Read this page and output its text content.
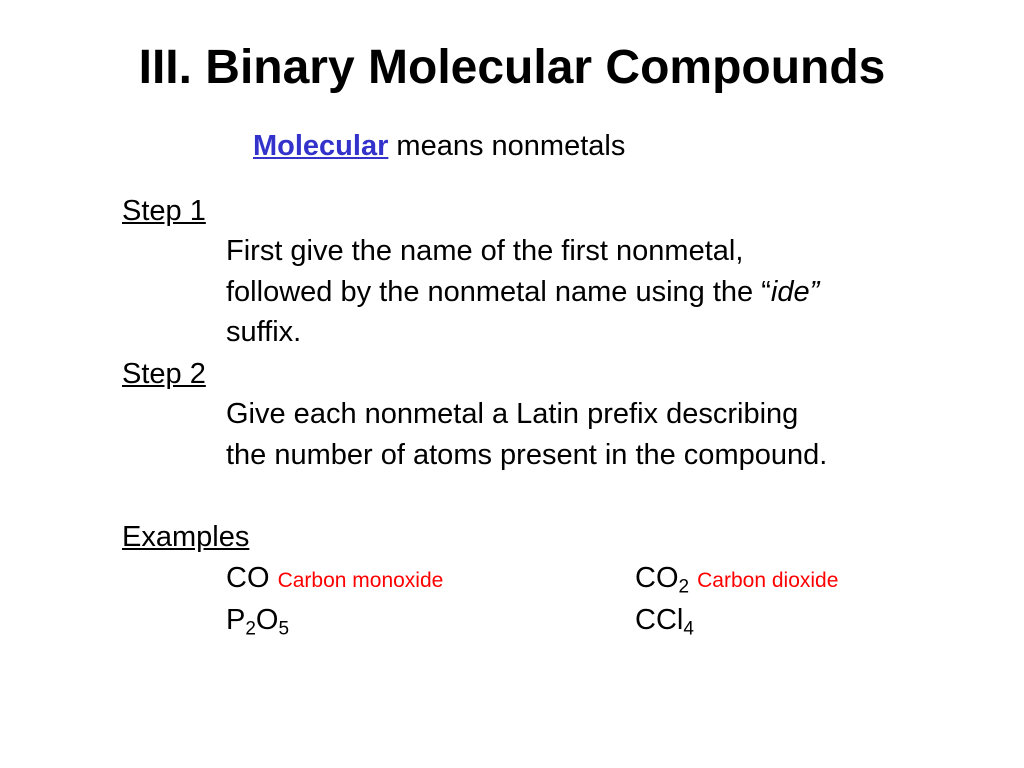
III. Binary Molecular Compounds
Molecular means nonmetals
Step 1
First give the name of the first nonmetal,
followed by the nonmetal name using the “ide”
suffix.
Step 2
Give each nonmetal a Latin prefix describing
the number of atoms present in the compound.
Examples
CO Carbon monoxide	$CO_2$ Carbon dioxide
$P_2O_5$	CCl$_4$
